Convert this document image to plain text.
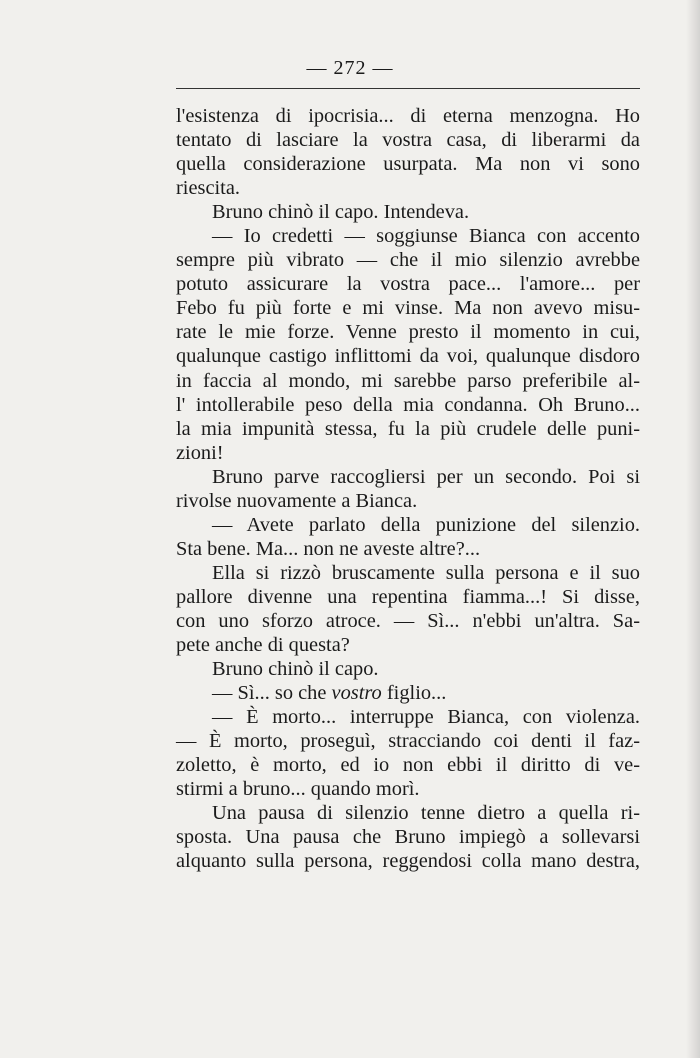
— 272 —
l'esistenza di ipocrisia... di eterna menzogna. Ho
tentato di lasciare la vostra casa, di liberarmi da
quella considerazione usurpata. Ma non vi sono
riescita.
Bruno chinò il capo. Intendeva.
— Io credetti — soggiunse Bianca con accento
sempre più vibrato — che il mio silenzio avrebbe
potuto assicurare la vostra pace... l'amore... per
Febo fu più forte e mi vinse. Ma non avevo misu-
rate le mie forze. Venne presto il momento in cui,
qualunque castigo inflittomi da voi, qualunque disdoro
in faccia al mondo, mi sarebbe parso preferibile al-
l' intollerabile peso della mia condanna. Oh Bruno...
la mia impunità stessa, fu la più crudele delle puni-
zioni!
Bruno parve raccogliersi per un secondo. Poi si
rivolse nuovamente a Bianca.
— Avete parlato della punizione del silenzio.
Sta bene. Ma... non ne aveste altre?...
Ella si rizzò bruscamente sulla persona e il suo
pallore divenne una repentina fiamma...! Si disse,
con uno sforzo atroce. — Sì... n'ebbi un'altra. Sa-
pete anche di questa?
Bruno chinò il capo.
— Sì... so che vostro figlio...
— È morto... interruppe Bianca, con violenza.
— È morto, proseguì, stracciando coi denti il faz-
zoletto, è morto, ed io non ebbi il diritto di ve-
stirmi a bruno... quando morì.
Una pausa di silenzio tenne dietro a quella ri-
sposta. Una pausa che Bruno impiegò a sollevarsi
alquanto sulla persona, reggendosi colla mano destra,
